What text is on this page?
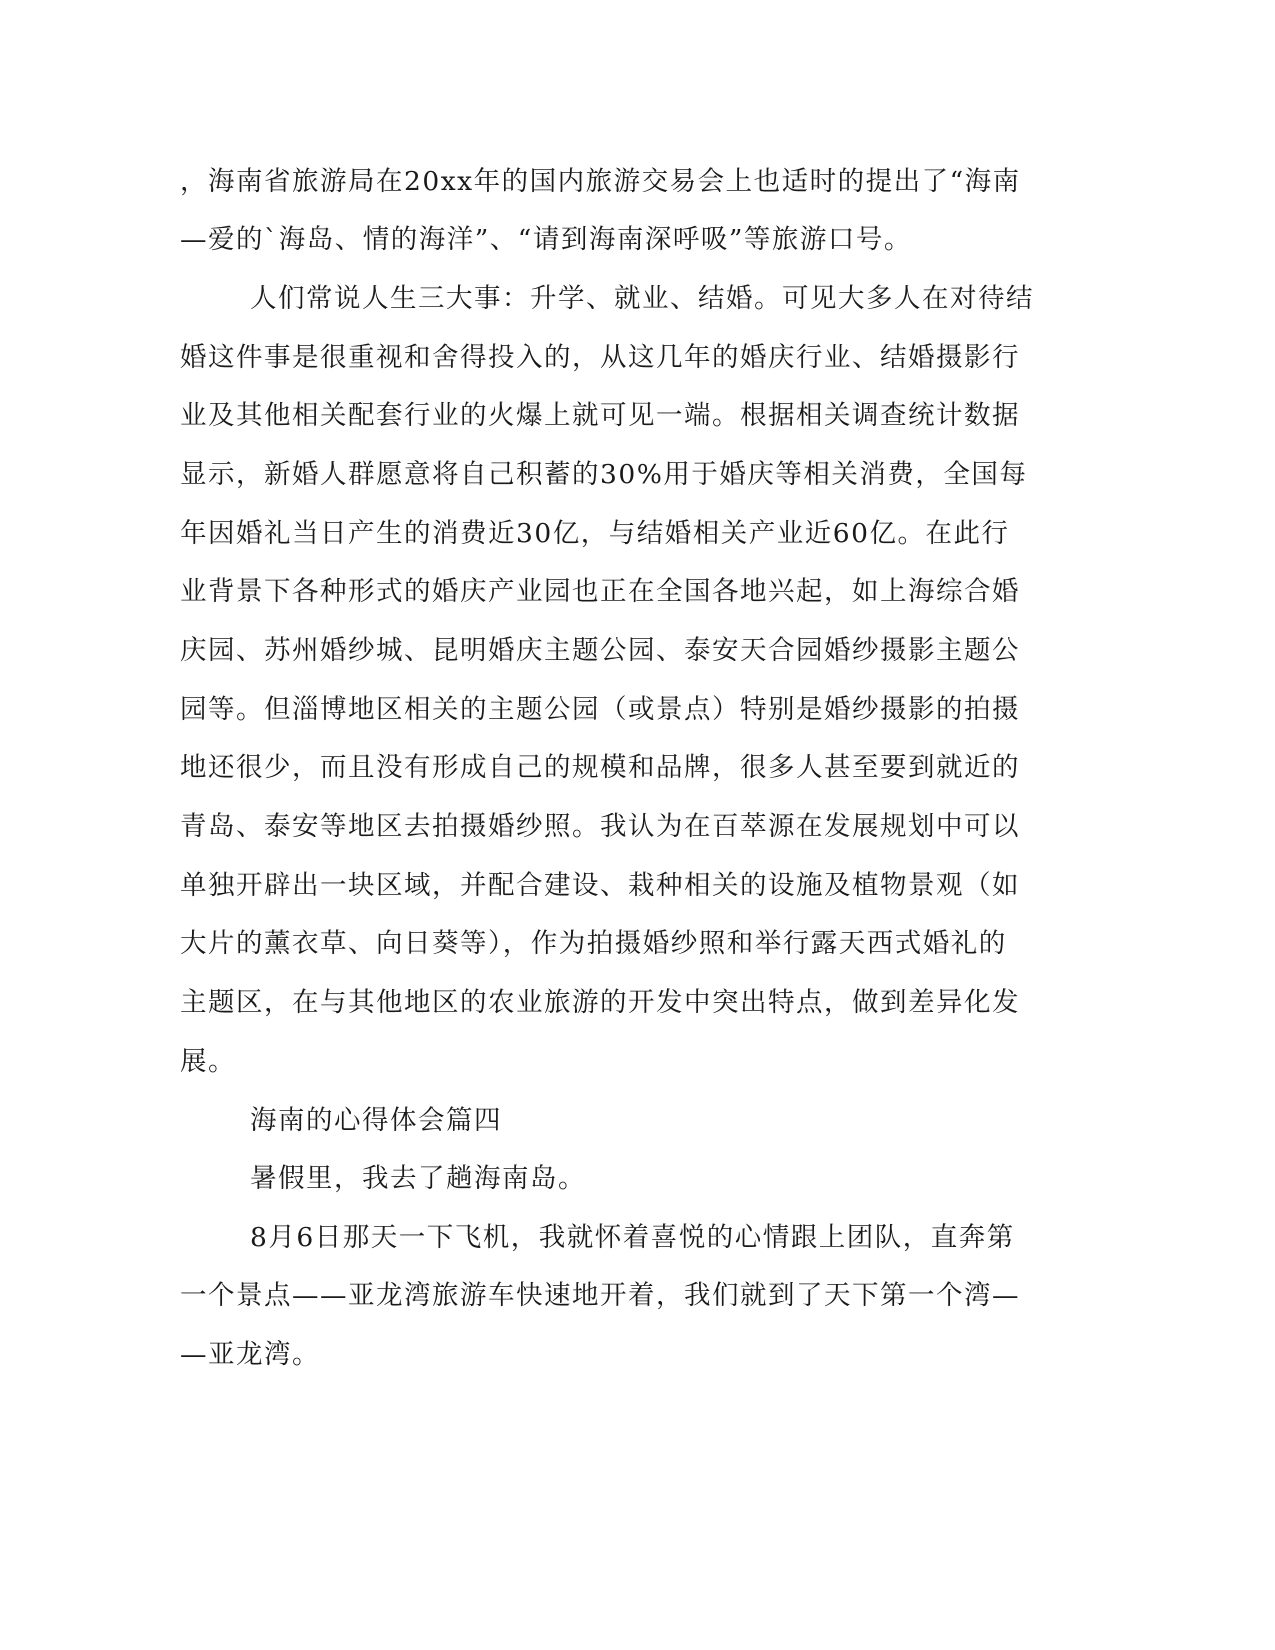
，海南省旅游局在20xx年的国内旅游交易会上也适时的提出了“海南
—爱的`海岛、情的海洋”、“请到海南深呼吸”等旅游口号。
人们常说人生三大事：升学、就业、结婚。可见大多人在对待结
婚这件事是很重视和舍得投入的，从这几年的婚庆行业、结婚摄影行
业及其他相关配套行业的火爆上就可见一端。根据相关调查统计数据
显示，新婚人群愿意将自己积蓄的30%用于婚庆等相关消费，全国每
年因婚礼当日产生的消费近30亿，与结婚相关产业近60亿。在此行
业背景下各种形式的婚庆产业园也正在全国各地兴起，如上海综合婚
庆园、苏州婚纱城、昆明婚庆主题公园、泰安天合园婚纱摄影主题公
园等。但淄博地区相关的主题公园（或景点）特别是婚纱摄影的拍摄
地还很少，而且没有形成自己的规模和品牌，很多人甚至要到就近的
青岛、泰安等地区去拍摄婚纱照。我认为在百萃源在发展规划中可以
单独开辟出一块区域，并配合建设、栽种相关的设施及植物景观（如
大片的薰衣草、向日葵等），作为拍摄婚纱照和举行露天西式婚礼的
主题区，在与其他地区的农业旅游的开发中突出特点，做到差异化发
展。
海南的心得体会篇四
暑假里，我去了趟海南岛。
8月6日那天一下飞机，我就怀着喜悦的心情跟上团队，直奔第
一个景点——亚龙湾旅游车快速地开着，我们就到了天下第一个湾—
—亚龙湾。
